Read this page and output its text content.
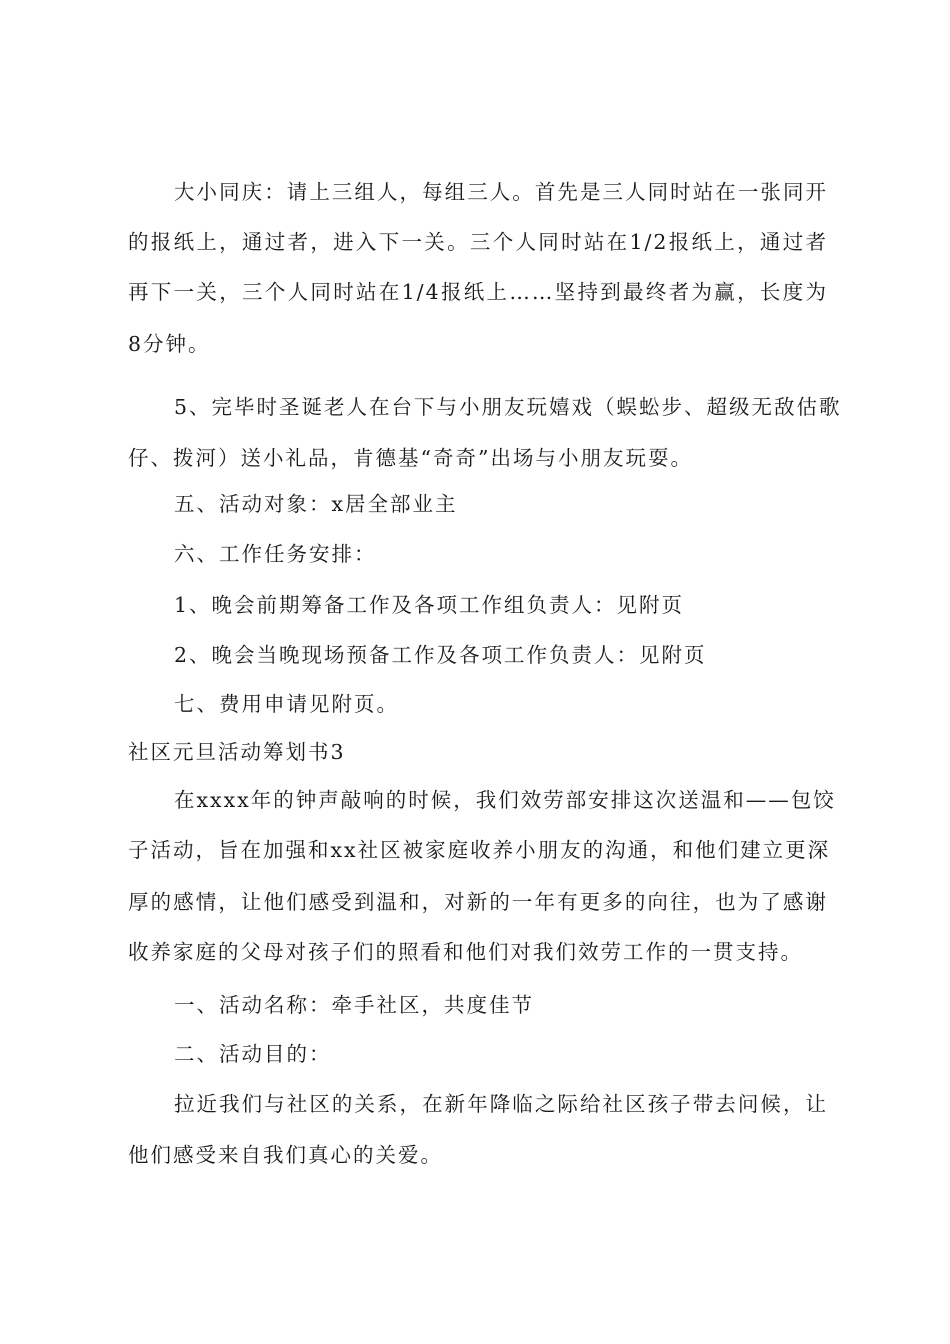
大小同庆：请上三组人，每组三人。首先是三人同时站在一张同开
的报纸上，通过者，进入下一关。三个人同时站在1/2报纸上，通过者
再下一关，三个人同时站在1/4报纸上……坚持到最终者为赢，长度为
8分钟。
5、完毕时圣诞老人在台下与小朋友玩嬉戏（蜈蚣步、超级无敌估歌
仔、拨河）送小礼品，肯德基“奇奇”出场与小朋友玩耍。
五、活动对象：x居全部业主
六、工作任务安排：
1、晚会前期筹备工作及各项工作组负责人：见附页
2、晚会当晚现场预备工作及各项工作负责人：见附页
七、费用申请见附页。
社区元旦活动筹划书3
在xxxx年的钟声敲响的时候，我们效劳部安排这次送温和——包饺
子活动，旨在加强和xx社区被家庭收养小朋友的沟通，和他们建立更深
厚的感情，让他们感受到温和，对新的一年有更多的向往，也为了感谢
收养家庭的父母对孩子们的照看和他们对我们效劳工作的一贯支持。
一、活动名称：牵手社区，共度佳节
二、活动目的：
拉近我们与社区的关系，在新年降临之际给社区孩子带去问候，让
他们感受来自我们真心的关爱。
